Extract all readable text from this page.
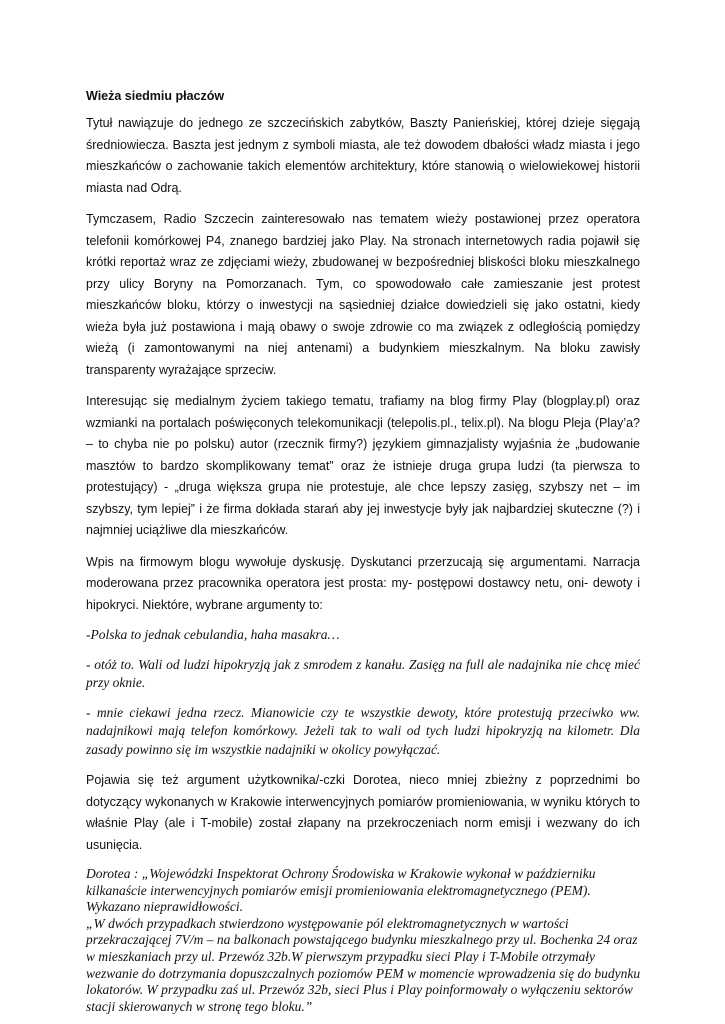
Wieża siedmiu płaczów

Tytuł nawiązuje do jednego ze szczecińskich zabytków, Baszty Panieńskiej, której dzieje sięgają średniowiecza. Baszta jest jednym z symboli miasta, ale też dowodem dbałości władz miasta i jego mieszkańców o zachowanie takich elementów architektury, które stanowią o wielowiekowej historii miasta nad Odrą.

Tymczasem, Radio Szczecin zainteresowało nas tematem wieży postawionej przez operatora telefonii komórkowej P4, znanego bardziej jako Play. Na stronach internetowych radia pojawił się krótki reportaż wraz ze zdjęciami wieży, zbudowanej w bezpośredniej bliskości bloku mieszkalnego przy ulicy Boryny na Pomorzanach. Tym, co spowodowało całe zamieszanie jest protest mieszkańców bloku, którzy o inwestycji na sąsiedniej działce dowiedzieli się jako ostatni, kiedy wieża była już postawiona i mają obawy o swoje zdrowie co ma związek z odległością pomiędzy wieżą (i zamontowanymi na niej antenami) a budynkiem mieszkalnym. Na bloku zawisły transparenty wyrażające sprzeciw.

Interesując się medialnym życiem takiego tematu, trafiamy na blog firmy Play (blogplay.pl) oraz wzmianki na portalach poświęconych telekomunikacji (telepolis.pl., telix.pl). Na blogu Pleja (Play’a? – to chyba nie po polsku) autor (rzecznik firmy?) językiem gimnazjalisty wyjaśnia że „budowanie masztów to bardzo skomplikowany temat” oraz że istnieje druga grupa ludzi (ta pierwsza to protestujący) - „druga większa grupa nie protestuje, ale chce lepszy zasięg, szybszy net – im szybszy, tym lepiej” i że firma dokłada starań aby jej inwestycje były jak najbardziej skuteczne (?) i najmniej uciążliwe dla mieszkańców.

Wpis na firmowym blogu wywołuje dyskusję. Dyskutanci przerzucają się argumentami. Narracja moderowana przez pracownika operatora jest prosta: my- postępowi dostawcy netu, oni- dewoty i hipokryci. Niektóre, wybrane argumenty to:

-Polska to jednak cebulandia, haha masakra…

- otóż to. Wali od ludzi hipokryzją jak z smrodem z kanału. Zasięg na full ale nadajnika nie chcę mieć przy oknie.

- mnie ciekawi jedna rzecz. Mianowicie czy te wszystkie dewoty, które protestują przeciwko ww. nadajnikowi mają telefon komórkowy. Jeżeli tak to wali od tych ludzi hipokryzją na kilometr. Dla zasady powinno się im wszystkie nadajniki w okolicy powyłączać.

Pojawia się też argument użytkownika/-czki Dorotea, nieco mniej zbieżny z poprzednimi bo dotyczący wykonanych w Krakowie interwencyjnych pomiarów promieniowania, w wyniku których to właśnie Play (ale i T-mobile) został złapany na przekroczeniach norm emisji i wezwany do ich usunięcia.

Dorotea : „Wojewódzki Inspektorat Ochrony Środowiska w Krakowie wykonał w październiku
kilkanaście interwencyjnych pomiarów emisji promieniowania elektromagnetycznego (PEM).
Wykazano nieprawidłowości.
„W dwóch przypadkach stwierdzono występowanie pól elektromagnetycznych w wartości
przekraczającej 7V/m – na balkonach powstającego budynku mieszkalnego przy ul. Bochenka 24 oraz
w mieszkaniach przy ul. Przewóz 32b.W pierwszym przypadku sieci Play i T-Mobile otrzymały
wezwanie do dotrzymania dopuszczalnych poziomów PEM w momencie wprowadzenia się do budynku
lokatorów. W przypadku zaś ul. Przewóz 32b, sieci Plus i Play poinformowały o wyłączeniu sektorów
stacji skierowanych w stronę tego bloku.”
